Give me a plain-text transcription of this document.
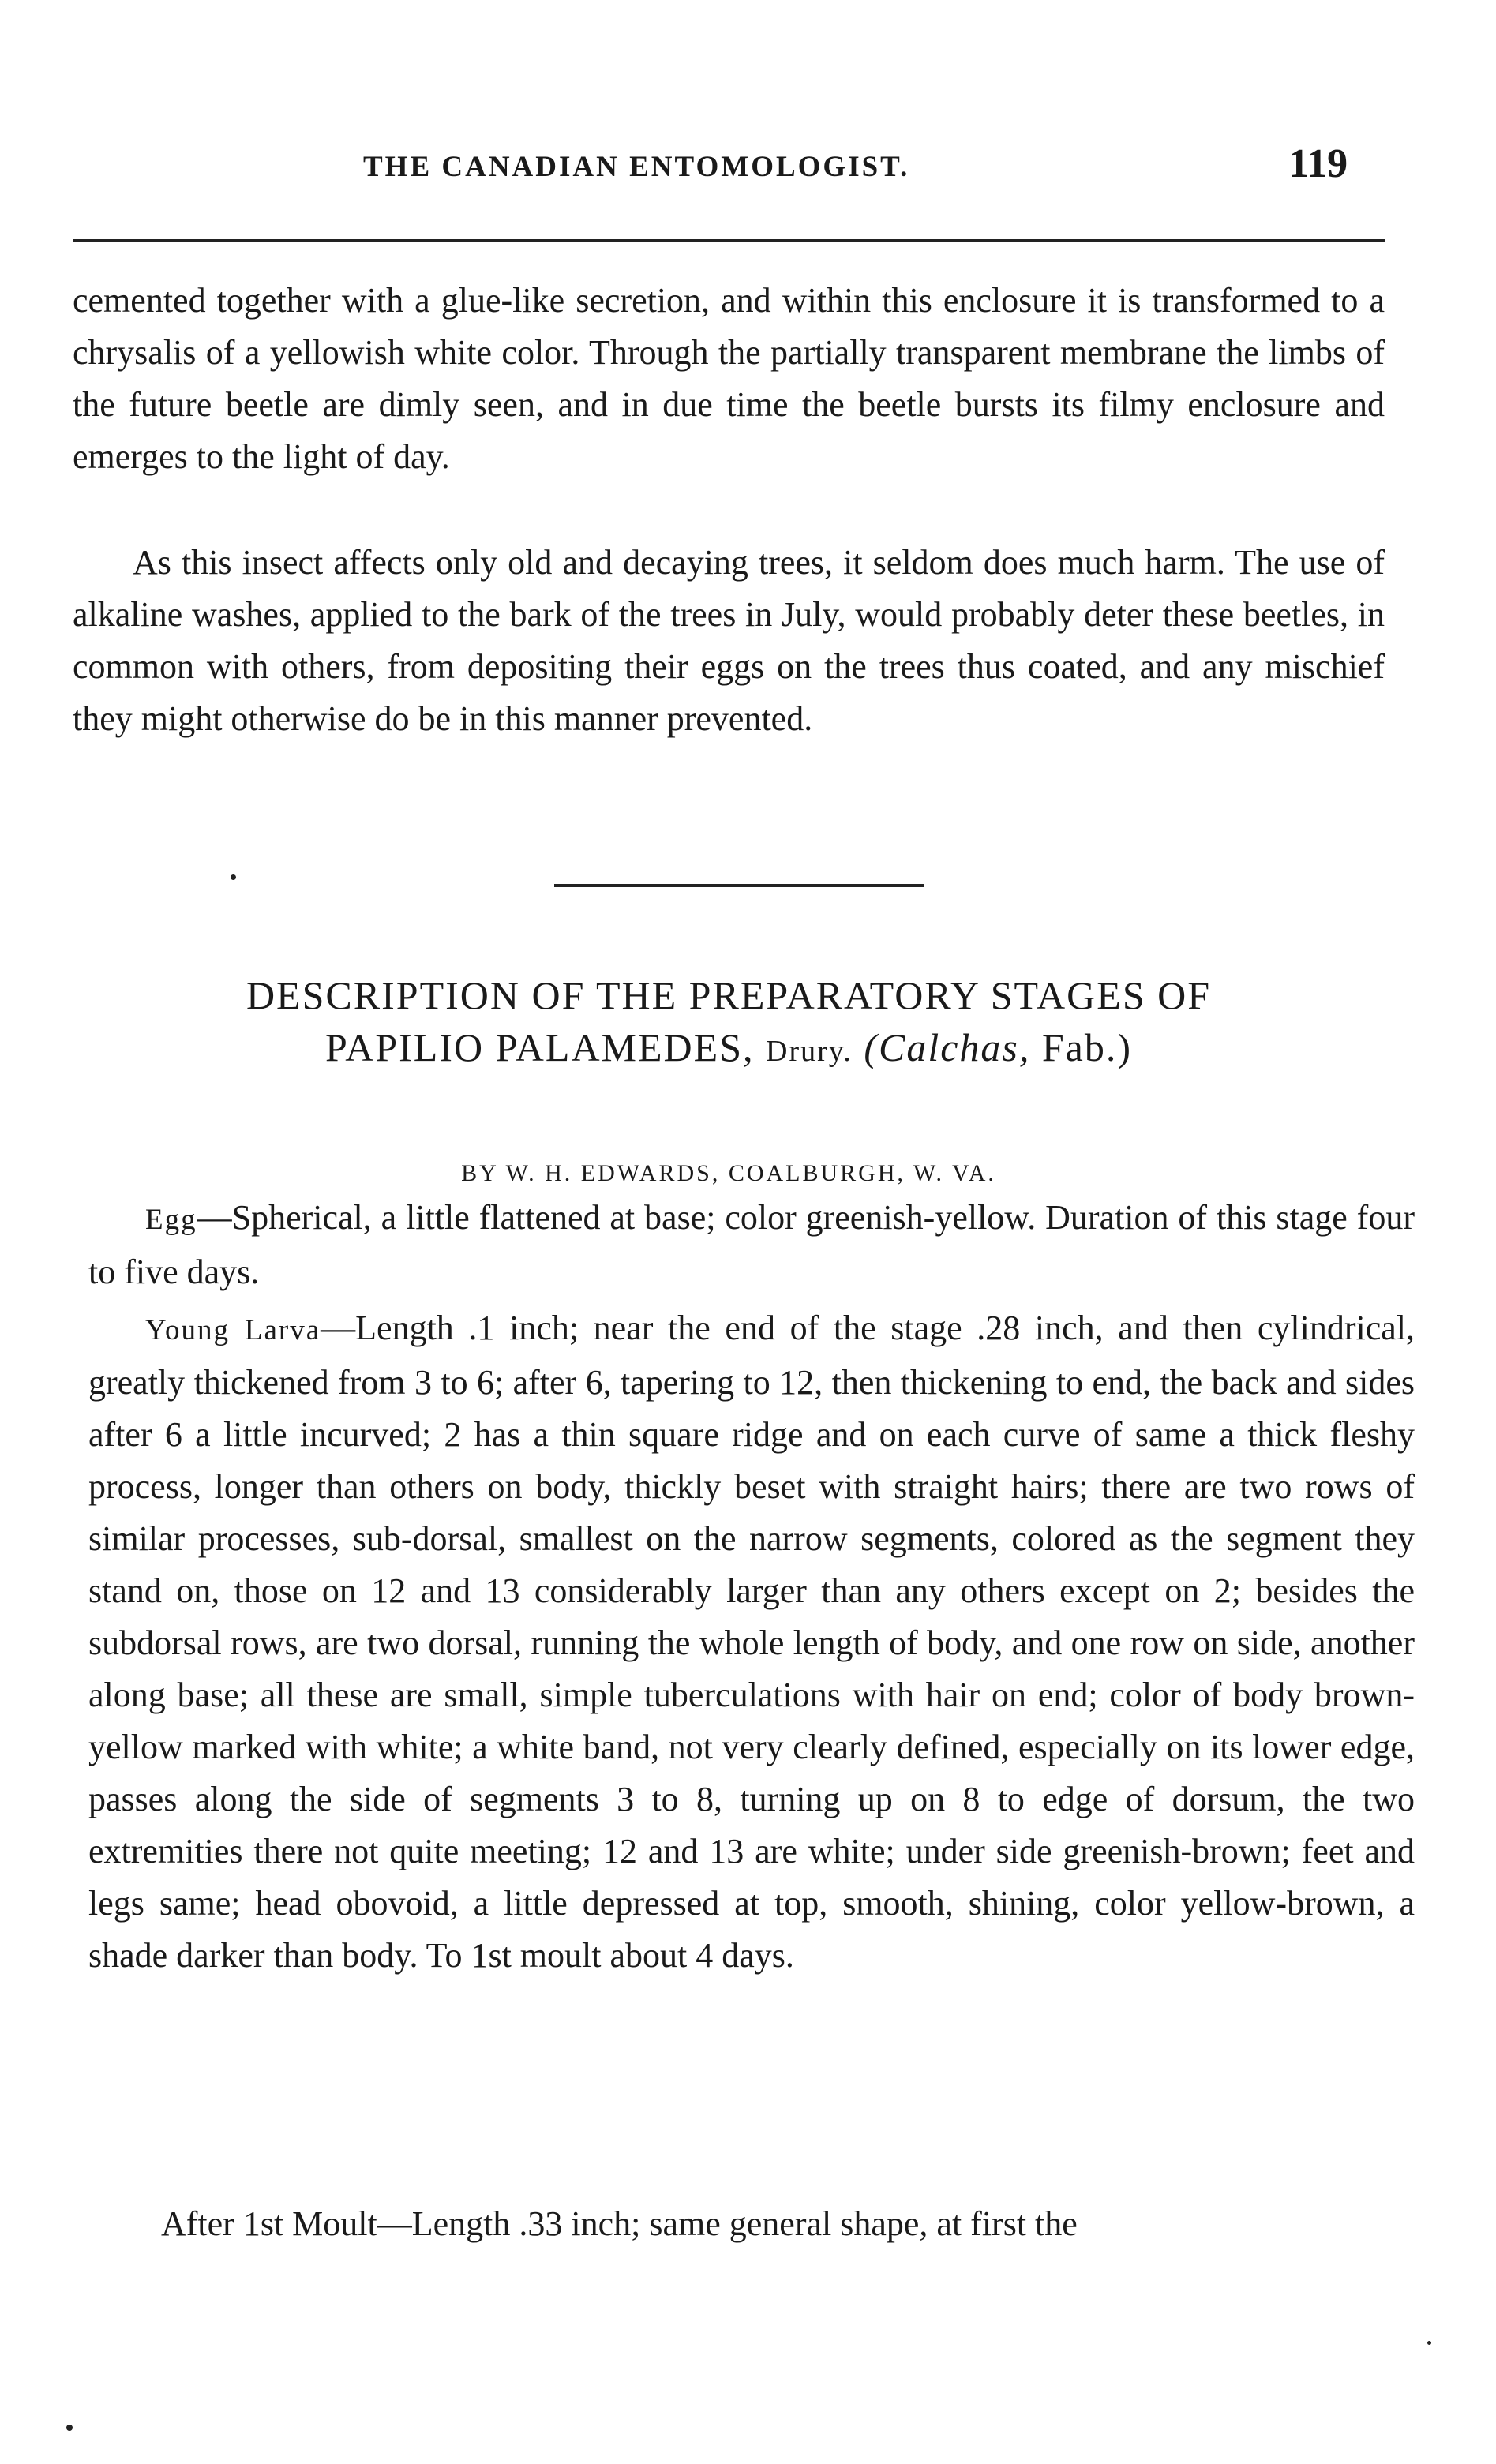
THE CANADIAN ENTOMOLOGIST.	119

cemented together with a glue-like secretion, and within this enclosure it is transformed to a chrysalis of a yellowish white color. Through the partially transparent membrane the limbs of the future beetle are dimly seen, and in due time the beetle bursts its filmy enclosure and emerges to the light of day.

As this insect affects only old and decaying trees, it seldom does much harm. The use of alkaline washes, applied to the bark of the trees in July, would probably deter these beetles, in common with others, from depositing their eggs on the trees thus coated, and any mischief they might otherwise do be in this manner prevented.

DESCRIPTION OF THE PREPARATORY STAGES OF
PAPILIO PALAMEDES, Drury. (Calchas, Fab.)
BY W. H. EDWARDS, COALBURGH, W. VA.

Egg—Spherical, a little flattened at base; color greenish-yellow. Duration of this stage four to five days.

Young Larva—Length .1 inch; near the end of the stage .28 inch, and then cylindrical, greatly thickened from 3 to 6; after 6, tapering to 12, then thickening to end, the back and sides after 6 a little incurved; 2 has a thin square ridge and on each curve of same a thick fleshy process, longer than others on body, thickly beset with straight hairs; there are two rows of similar processes, sub-dorsal, smallest on the narrow segments, colored as the segment they stand on, those on 12 and 13 considerably larger than any others except on 2; besides the subdorsal rows, are two dorsal, running the whole length of body, and one row on side, another along base; all these are small, simple tuberculations with hair on end; color of body brown-yellow marked with white; a white band, not very clearly defined, especially on its lower edge, passes along the side of segments 3 to 8, turning up on 8 to edge of dorsum, the two extremities there not quite meeting; 12 and 13 are white; under side greenish-brown; feet and legs same; head obovoid, a little depressed at top, smooth, shining, color yellow-brown, a shade darker than body. To 1st moult about 4 days.

After 1st Moult—Length .33 inch; same general shape, at first the
